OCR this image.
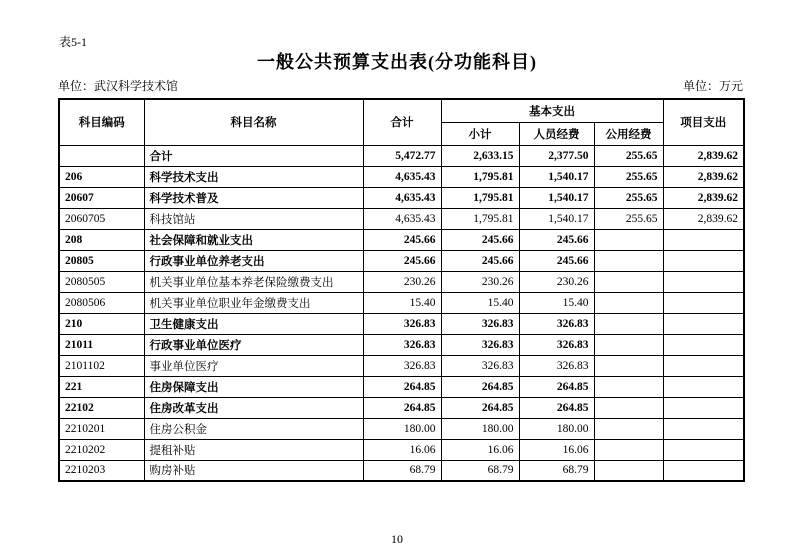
表5-1
一般公共预算支出表(分功能科目)
单位：武汉科学技术馆	单位：万元
科目编码	科目名称	合计	基本支出			项目支出
			小计	人员经费	公用经费	
	合计	5,472.77	2,633.15	2,377.50	255.65	2,839.62
206	科学技术支出	4,635.43	1,795.81	1,540.17	255.65	2,839.62
20607	科学技术普及	4,635.43	1,795.81	1,540.17	255.65	2,839.62
2060705	科技馆站	4,635.43	1,795.81	1,540.17	255.65	2,839.62
208	社会保障和就业支出	245.66	245.66	245.66		
20805	行政事业单位养老支出	245.66	245.66	245.66		
2080505	机关事业单位基本养老保险缴费支出	230.26	230.26	230.26		
2080506	机关事业单位职业年金缴费支出	15.40	15.40	15.40		
210	卫生健康支出	326.83	326.83	326.83		
21011	行政事业单位医疗	326.83	326.83	326.83		
2101102	事业单位医疗	326.83	326.83	326.83		
221	住房保障支出	264.85	264.85	264.85		
22102	住房改革支出	264.85	264.85	264.85		
2210201	住房公积金	180.00	180.00	180.00		
2210202	提租补贴	16.06	16.06	16.06		
2210203	购房补贴	68.79	68.79	68.79		
10
